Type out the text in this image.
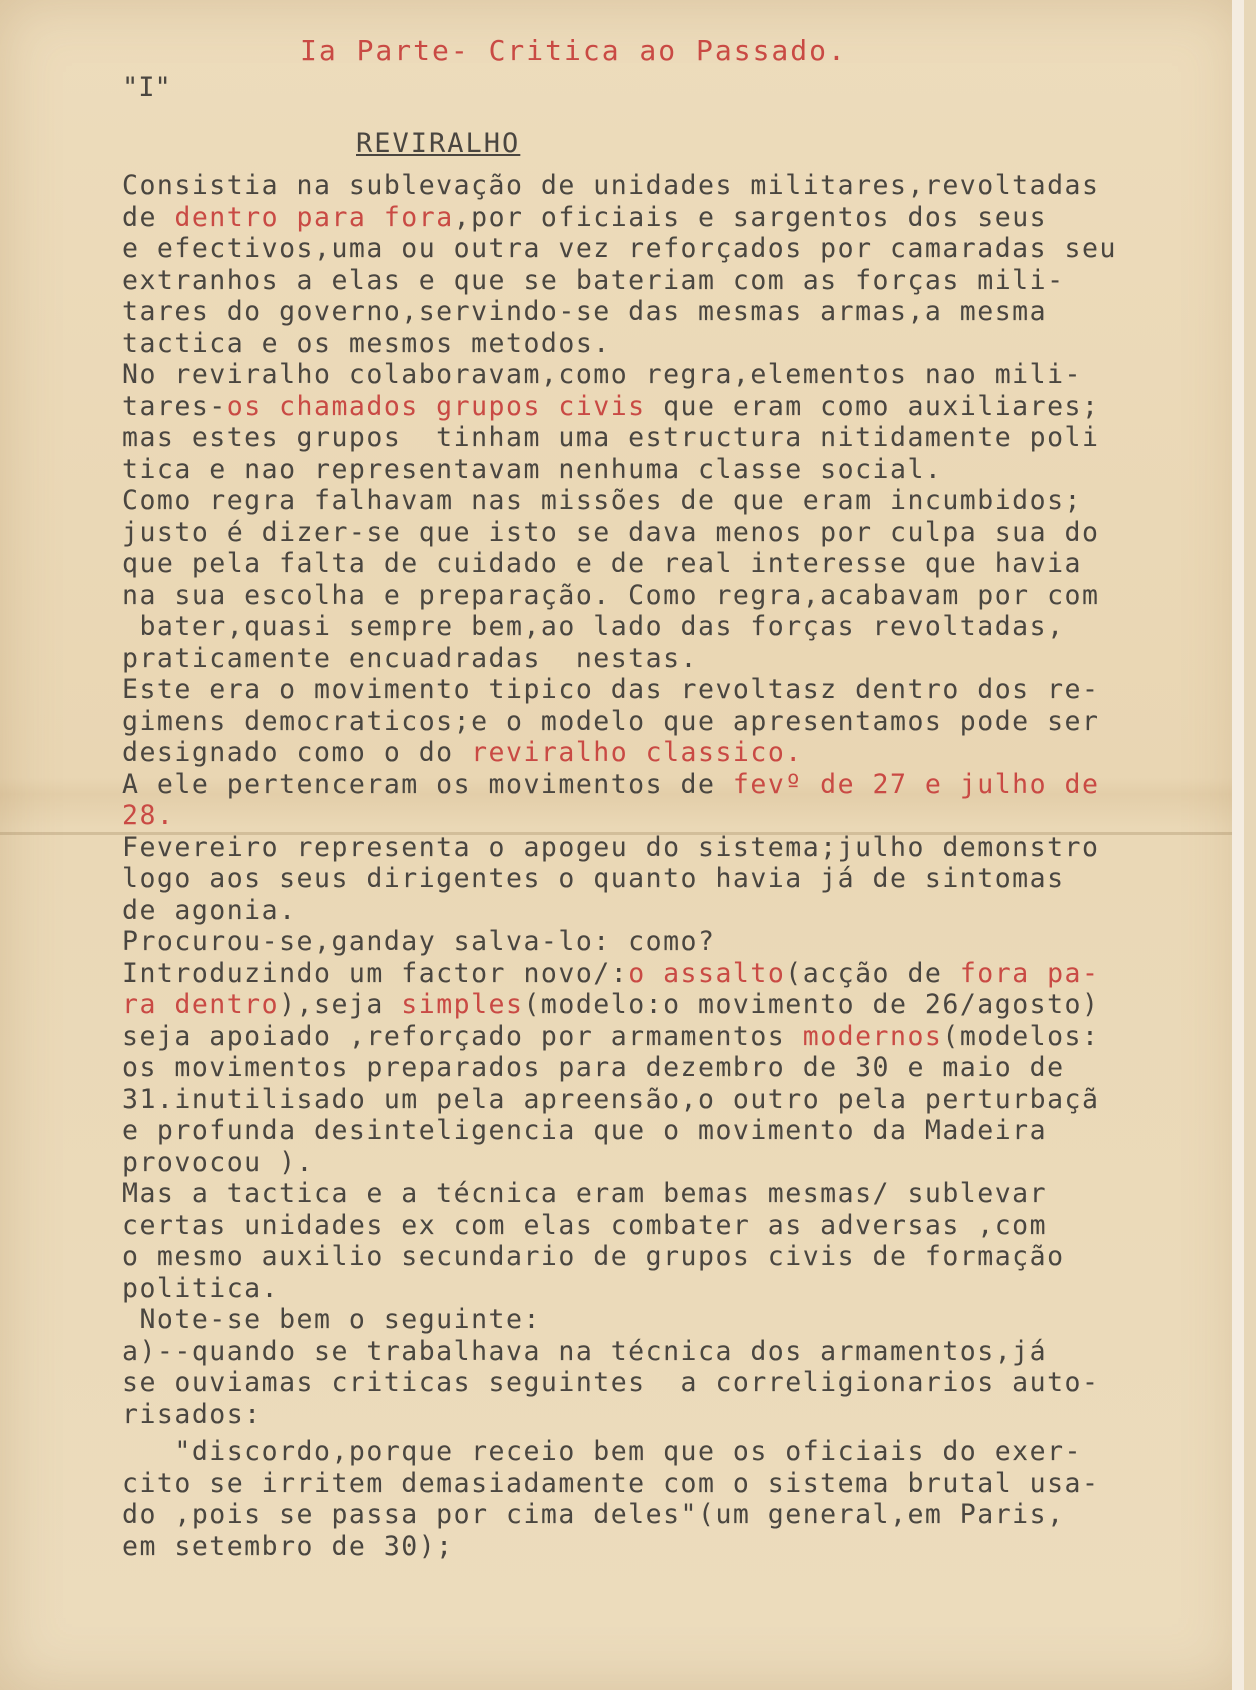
Ia Parte- Critica ao Passado.
"I"
REVIRALHO
Consistia na sublevação de unidades militares,revoltadas
de dentro para fora,por oficiais e sargentos dos seus
e efectivos,uma ou outra vez reforçados por camaradas seu
extranhos a elas e que se bateriam com as forças mili-
tares do governo,servindo-se das mesmas armas,a mesma
tactica e os mesmos metodos.
No reviralho colaboravam,como regra,elementos nao mili-
tares-os chamados grupos civis que eram como auxiliares;
mas estes grupos  tinham uma estructura nitidamente poli
tica e nao representavam nenhuma classe social.
Como regra falhavam nas missões de que eram incumbidos;
justo é dizer-se que isto se dava menos por culpa sua do
que pela falta de cuidado e de real interesse que havia
na sua escolha e preparação. Como regra,acabavam por com
bater,quasi sempre bem,ao lado das forças revoltadas,
praticamente encuadradas  nestas.
Este era o movimento tipico das revoltasz dentro dos re-
gimens democraticos;e o modelo que apresentamos pode ser
designado como o do reviralho classico.
A ele pertenceram os movimentos de fevº de 27 e julho de
28.
Fevereiro representa o apogeu do sistema;julho demonstro
logo aos seus dirigentes o quanto havia já de sintomas
de agonia.
Procurou-se,ganday salva-lo: como?
Introduzindo um factor novo/:o assalto(acção de fora pa-
ra dentro),seja simples(modelo:o movimento de 26/agosto)
seja apoiado ,reforçado por armamentos modernos(modelos:
os movimentos preparados para dezembro de 30 e maio de
31.inutilisado um pela apreensão,o outro pela perturbaçã
e profunda desinteligencia que o movimento da Madeira
provocou ).
Mas a tactica e a técnica eram bemas mesmas/ sublevar
certas unidades ex com elas combater as adversas ,com
o mesmo auxilio secundario de grupos civis de formação
politica.
Note-se bem o seguinte:
a)--quando se trabalhava na técnica dos armamentos,já
se ouviamas criticas seguintes  a correligionarios auto-
risados:
"discordo,porque receio bem que os oficiais do exer-
cito se irritem demasiadamente com o sistema brutal usa-
do ,pois se passa por cima deles"(um general,em Paris,
em setembro de 30);
